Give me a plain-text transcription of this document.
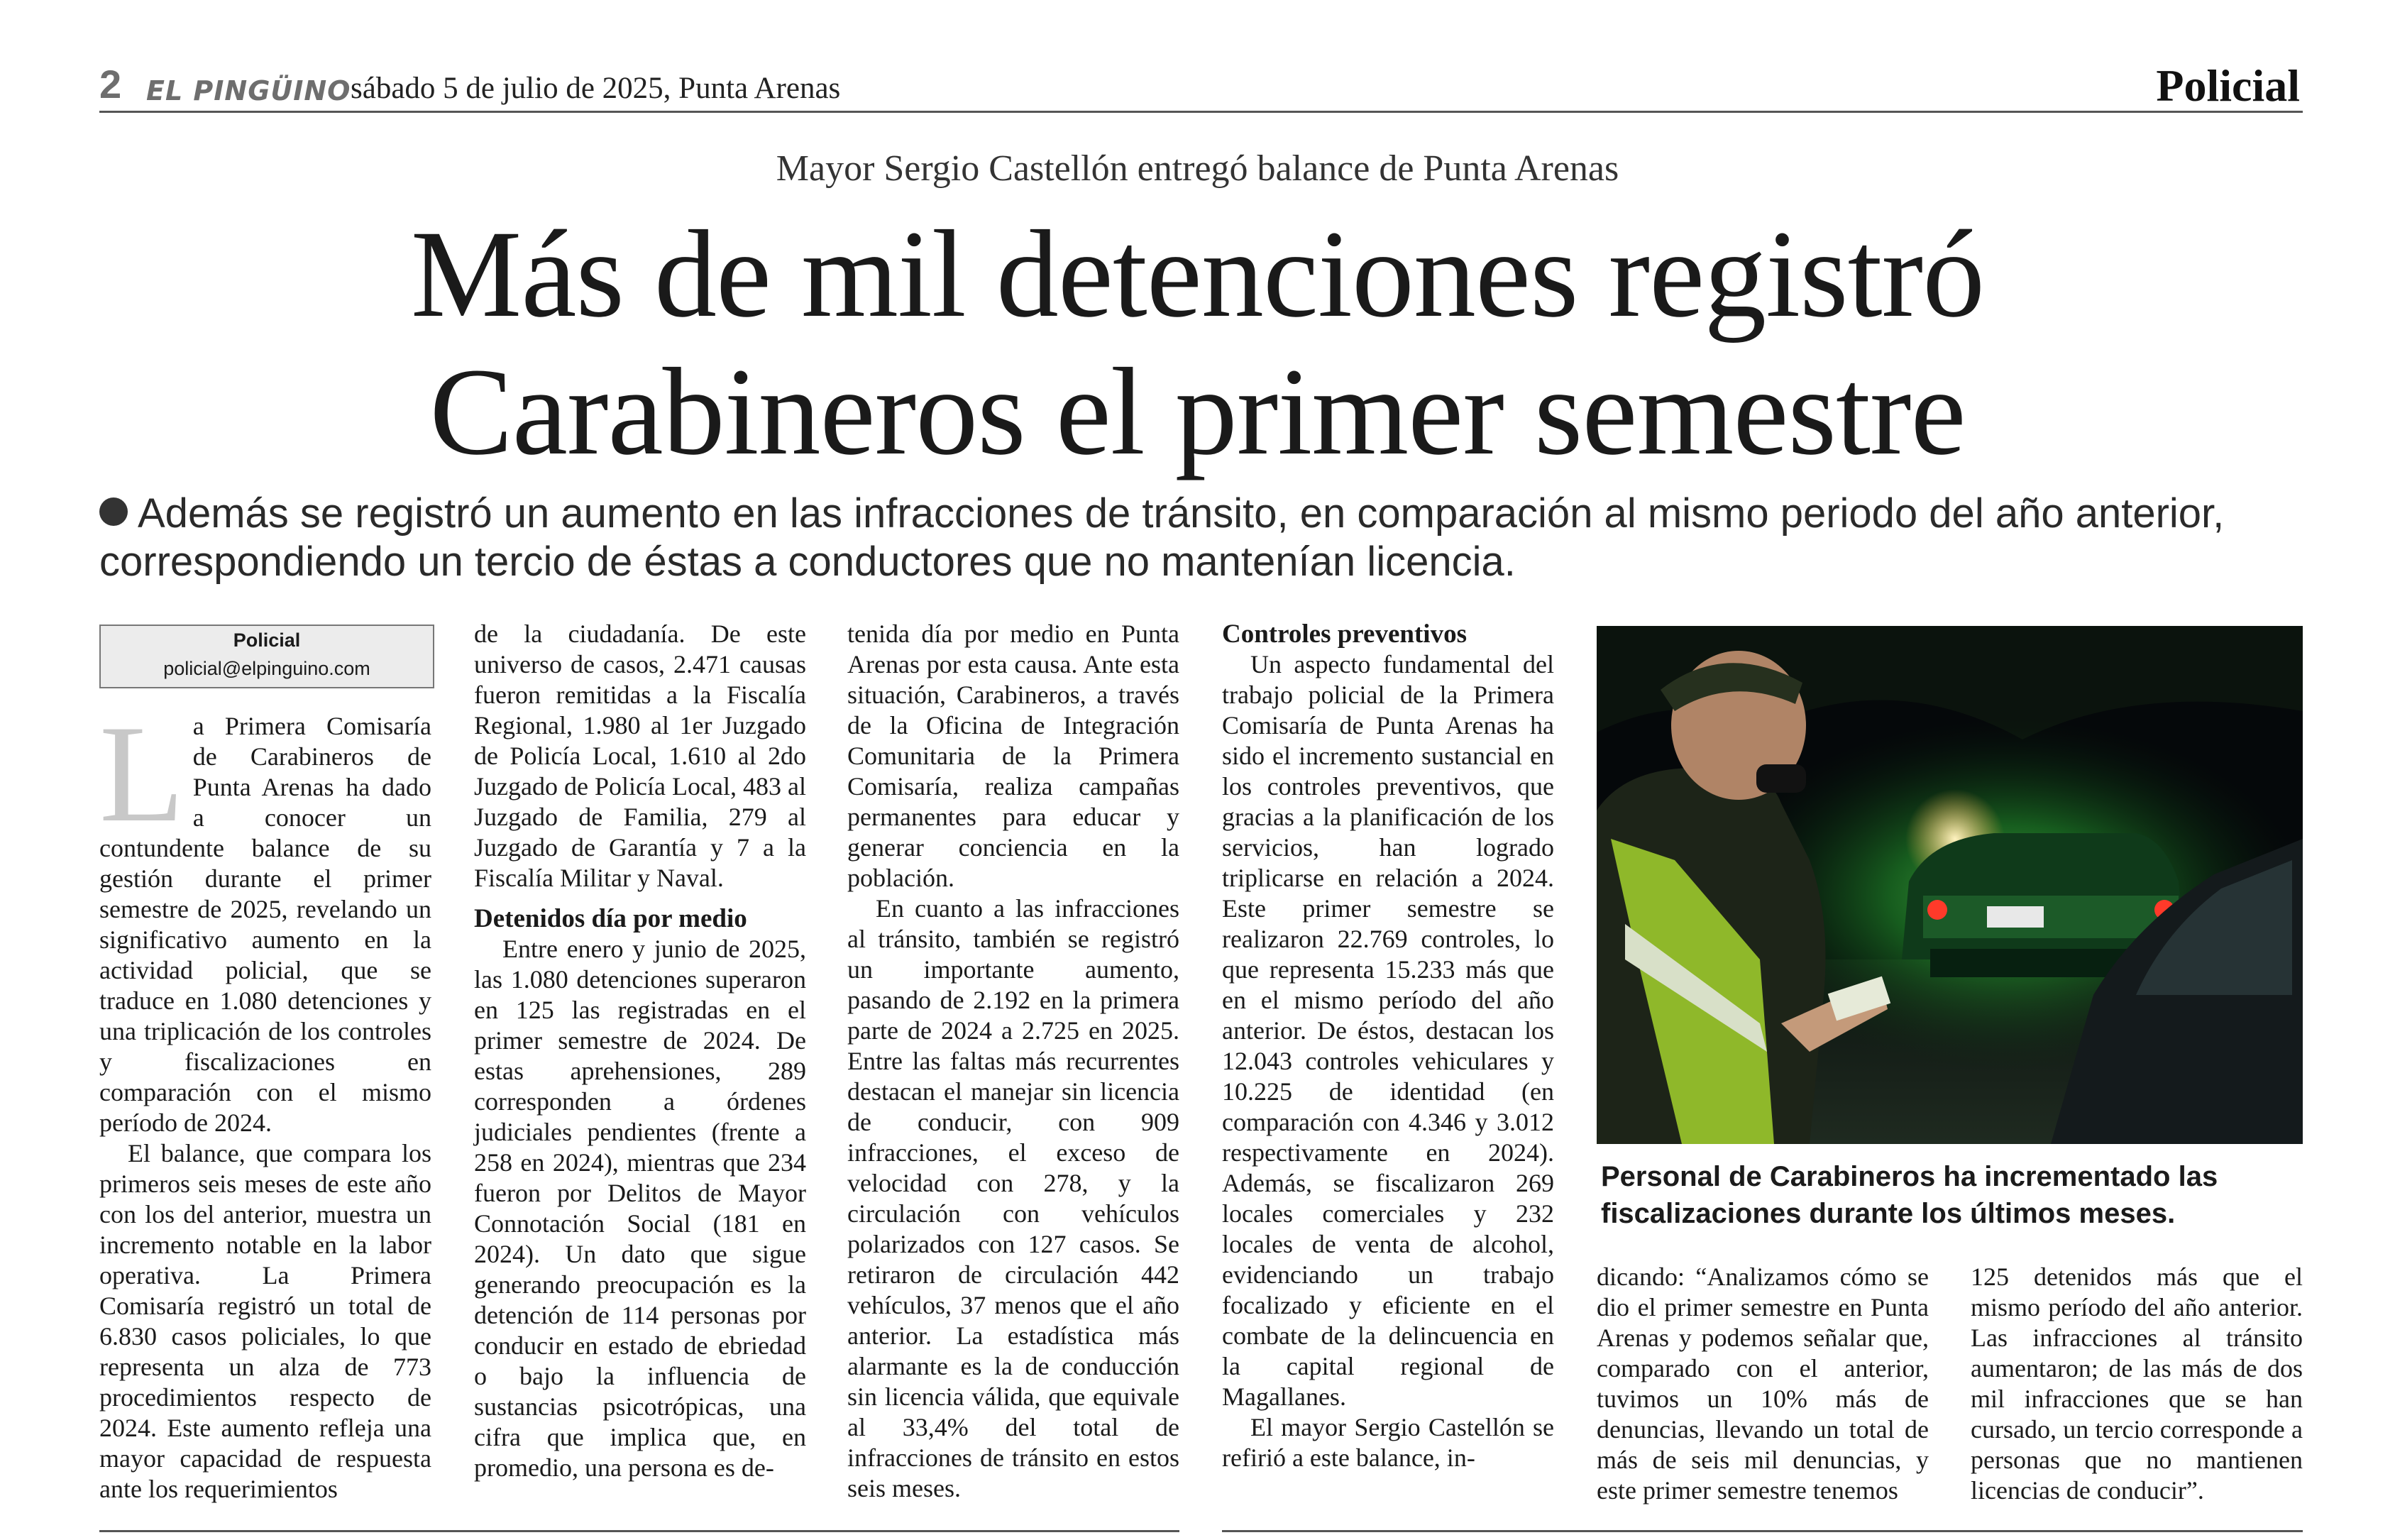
2 EL PINGÜINO sábado 5 de julio de 2025, Punta Arenas	Policial
Mayor Sergio Castellón entregó balance de Punta Arenas
Más de mil detenciones registró
Carabineros el primer semestre
Además se registró un aumento en las infracciones de tránsito, en comparación al mismo periodo del año anterior, correspondiendo un tercio de éstas a conductores que no mantenían licencia.
Policial
policial@elpinguino.com

La Primera Comisaría de Carabineros de Punta Arenas ha dado a conocer un contundente balance de su gestión durante el primer semestre de 2025, revelando un significativo aumento en la actividad policial, que se traduce en 1.080 detenciones y una triplicación de los controles y fiscalizaciones en comparación con el mismo período de 2024.

El balance, que compara los primeros seis meses de este año con los del anterior, muestra un incremento notable en la labor operativa. La Primera Comisaría registró un total de 6.830 casos policiales, lo que representa un alza de 773 procedimientos respecto de 2024. Este aumento refleja una mayor capacidad de respuesta ante los requerimientos

de la ciudadanía. De este universo de casos, 2.471 causas fueron remitidas a la Fiscalía Regional, 1.980 al 1er Juzgado de Policía Local, 1.610 al 2do Juzgado de Policía Local, 483 al Juzgado de Familia, 279 al Juzgado de Garantía y 7 a la Fiscalía Militar y Naval.

Detenidos día por medio

Entre enero y junio de 2025, las 1.080 detenciones superaron en 125 las registradas en el primer semestre de 2024. De estas aprehensiones, 289 corresponden a órdenes judiciales pendientes (frente a 258 en 2024), mientras que 234 fueron por Delitos de Mayor Connotación Social (181 en 2024). Un dato que sigue generando preocupación es la detención de 114 personas por conducir en estado de ebriedad o bajo la influencia de sustancias psicotrópicas, una cifra que implica que, en promedio, una persona es de-

tenida día por medio en Punta Arenas por esta causa. Ante esta situación, Carabineros, a través de la Oficina de Integración Comunitaria de la Primera Comisaría, realiza campañas permanentes para educar y generar conciencia en la población.

En cuanto a las infracciones al tránsito, también se registró un importante aumento, pasando de 2.192 en la primera parte de 2024 a 2.725 en 2025. Entre las faltas más recurrentes destacan el manejar sin licencia de conducir, con 909 infracciones, el exceso de velocidad con 278, y la circulación con vehículos polarizados con 127 casos. Se retiraron de circulación 442 vehículos, 37 menos que el año anterior. La estadística más alarmante es la de conducción sin licencia válida, que equivale al 33,4% del total de infracciones de tránsito en estos seis meses.

Controles preventivos

Un aspecto fundamental del trabajo policial de la Primera Comisaría de Punta Arenas ha sido el incremento sustancial en los controles preventivos, que gracias a la planificación de los servicios, han logrado triplicarse en relación a 2024. Este primer semestre se realizaron 22.769 controles, lo que representa 15.233 más que en el mismo período del año anterior. De éstos, destacan los 12.043 controles vehiculares y 10.225 de identidad (en comparación con 4.346 y 3.012 respectivamente en 2024). Además, se fiscalizaron 269 locales comerciales y 232 locales de venta de alcohol, evidenciando un trabajo focalizado y eficiente en el combate de la delincuencia en la capital regional de Magallanes.

El mayor Sergio Castellón se refirió a este balance, in-

Personal de Carabineros ha incrementado las fiscalizaciones durante los últimos meses.

dicando: “Analizamos cómo se dio el primer semestre en Punta Arenas y podemos señalar que, comparado con el anterior, tuvimos un 10% más de denuncias, llevando un total de más de seis mil denuncias, y este primer semestre tenemos

125 detenidos más que el mismo período del año anterior. Las infracciones al tránsito aumentaron; de las más de dos mil infracciones que se han cursado, un tercio corresponde a personas que no mantienen licencias de conducir”.
